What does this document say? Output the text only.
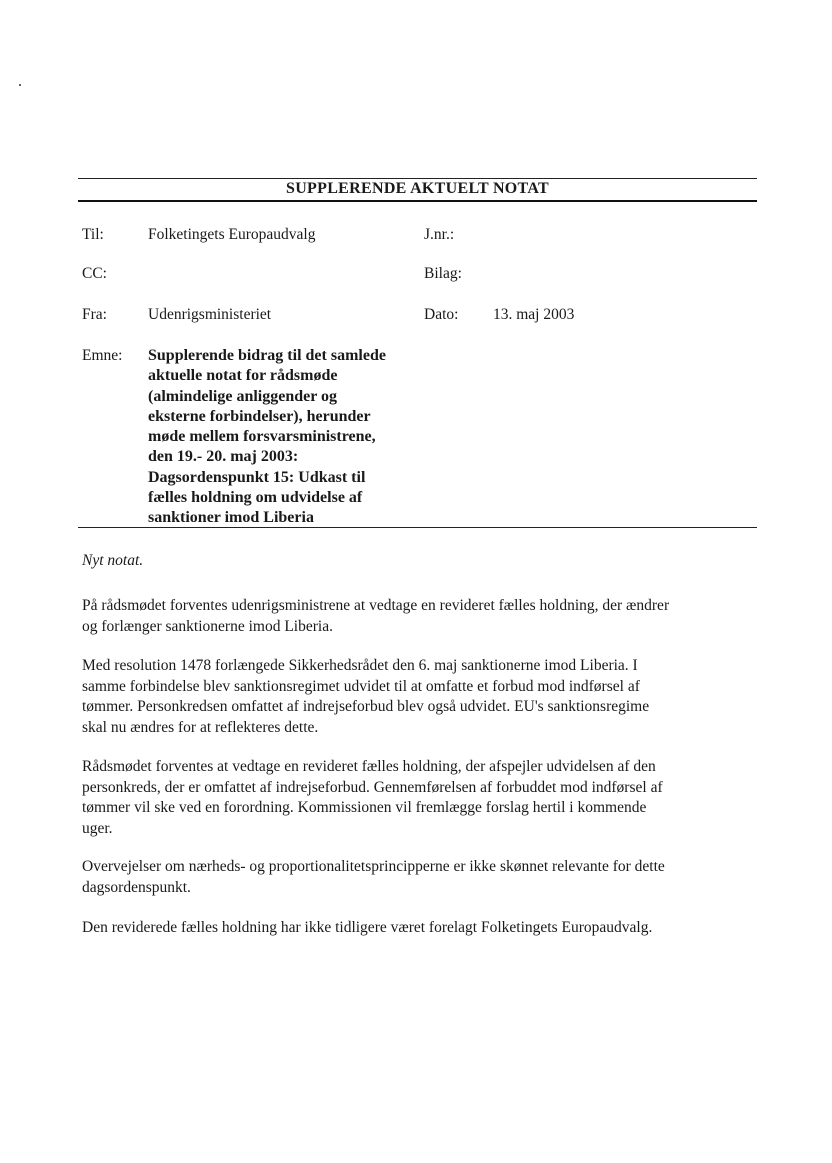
SUPPLERENDE AKTUELT NOTAT
Til:	Folketingets Europaudvalg	J.nr.:
CC:	Bilag:
Fra:	Udenrigsministeriet	Dato: 13. maj 2003
Emne: Supplerende bidrag til det samlede
aktuelle notat for rådsmøde
(almindelige anliggender og
eksterne forbindelser), herunder
møde mellem forsvarsministrene,
den 19.- 20. maj 2003:
Dagsordenspunkt 15: Udkast til
fælles holdning om udvidelse af
sanktioner imod Liberia
Nyt notat.
På rådsmødet forventes udenrigsministrene at vedtage en revideret fælles holdning, der ændrer
og forlænger sanktionerne imod Liberia.
Med resolution 1478 forlængede Sikkerhedsrådet den 6. maj sanktionerne imod Liberia. I
samme forbindelse blev sanktionsregimet udvidet til at omfatte et forbud mod indførsel af
tømmer. Personkredsen omfattet af indrejseforbud blev også udvidet. EU's sanktionsregime
skal nu ændres for at reflekteres dette.
Rådsmødet forventes at vedtage en revideret fælles holdning, der afspejler udvidelsen af den
personkreds, der er omfattet af indrejseforbud. Gennemførelsen af forbuddet mod indførsel af
tømmer vil ske ved en forordning. Kommissionen vil fremlægge forslag hertil i kommende
uger.
Overvejelser om nærheds- og proportionalitetsprincipperne er ikke skønnet relevante for dette
dagsordenspunkt.
Den reviderede fælles holdning har ikke tidligere været forelagt Folketingets Europaudvalg.
